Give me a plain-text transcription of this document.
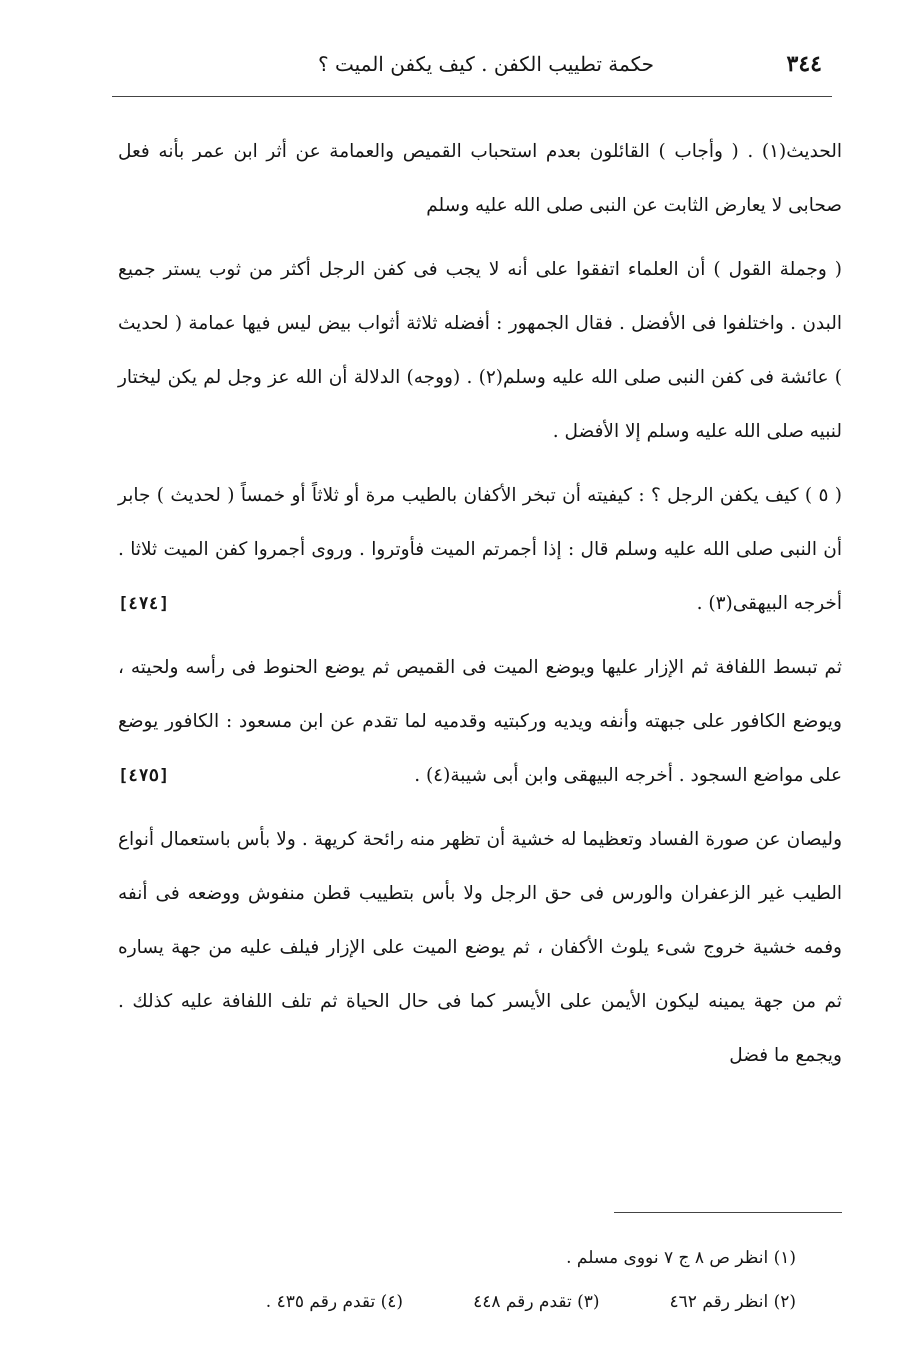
٣٤٤
حكمة تطييب الكفن . كيف يكفن الميت ؟

الحديث(١) . ( وأجاب ) القائلون بعدم استحباب القميص والعمامة عن أثر ابن عمر بأنه فعل صحابى لا يعارض الثابت عن النبى صلى الله عليه وسلم

( وجملة القول ) أن العلماء اتفقوا على أنه لا يجب فى كفن الرجل أكثر من ثوب يستر جميع البدن . واختلفوا فى الأفضل . فقال الجمهور : أفضله ثلاثة أثواب بيض ليس فيها عمامة ( لحديث ) عائشة فى كفن النبى صلى الله عليه وسلم(٢) . (ووجه) الدلالة أن الله عز وجل لم يكن ليختار لنبيه صلى الله عليه وسلم إلا الأفضل .

( ٥ ) كيف يكفن الرجل ؟ : كيفيته أن تبخر الأكفان بالطيب مرة أو ثلاثاً أو خمساً ( لحديث ) جابر أن النبى صلى الله عليه وسلم قال : إذا أجمرتم الميت فأوتروا . وروى أجمروا كفن الميت ثلاثا . أخرجه البيهقى(٣) .
[٤٧٤]

ثم تبسط اللفافة ثم الإزار عليها ويوضع الميت فى القميص ثم يوضع الحنوط فى رأسه ولحيته ، ويوضع الكافور على جبهته وأنفه ويديه وركبتيه وقدميه لما تقدم عن ابن مسعود : الكافور يوضع على مواضع السجود . أخرجه البيهقى وابن أبى شيبة(٤) .
[٤٧٥]

وليصان عن صورة الفساد وتعظيما له خشية أن تظهر منه رائحة كريهة . ولا بأس باستعمال أنواع الطيب غير الزعفران والورس فى حق الرجل ولا بأس بتطييب قطن منفوش ووضعه فى أنفه وفمه خشية خروج شىء يلوث الأكفان ، ثم يوضع الميت على الإزار فيلف عليه من جهة يساره ثم من جهة يمينه ليكون الأيمن على الأيسر كما فى حال الحياة ثم تلف اللفافة عليه كذلك . ويجمع ما فضل

(١) انظر ص ٨ ج ٧ نووى مسلم .
(٢) انظر رقم ٤٦٢
(٣) تقدم رقم ٤٤٨
(٤) تقدم رقم ٤٣٥ .
